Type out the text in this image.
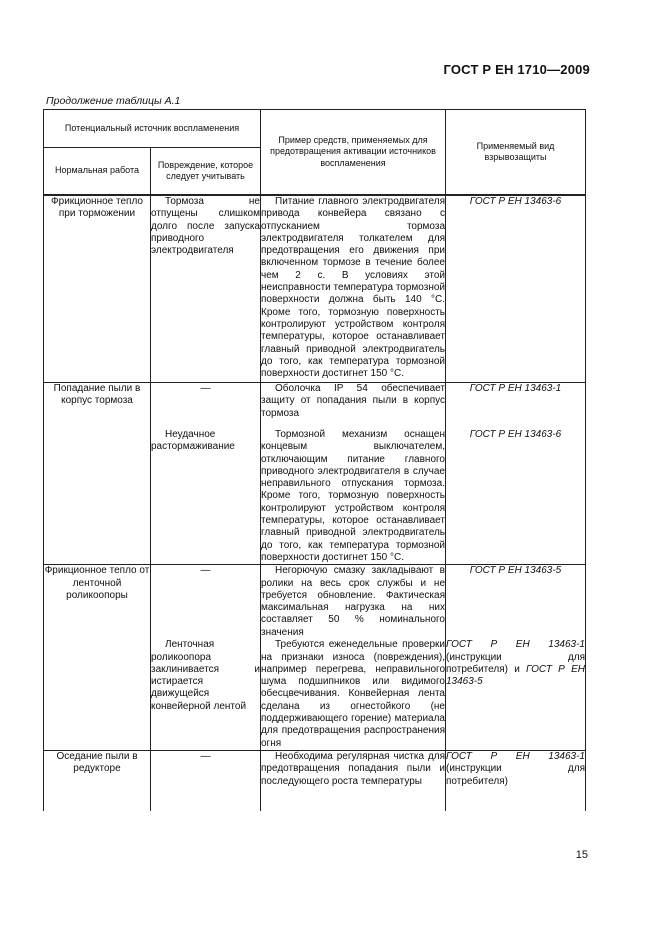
ГОСТ Р ЕН 1710—2009
Продолжение таблицы А.1
Потенциальный источник воспламенения		Пример средств, применяемых для предотвращения активации источников воспламенения	Применяемый вид взрывозащиты
Нормальная работа	Повреждение, которое следует учитывать		

Фрикционное тепло при торможении	Тормоза не отпущены слишком долго после запуска приводного электродвигателя	Питание главного электродвигателя привода конвейера связано с отпусканием тормоза электродвигателя толкателем для предотвращения его движения при включенном тормозе в течение более чем 2 с. В условиях этой неисправности температура тормозной поверхности должна быть 140 °С. Кроме того, тормозную поверхность контролируют устройством контроля температуры, которое останавливает главный приводной электродвигатель до того, как температура тормозной поверхности достигнет 150 °С.	ГОСТ Р ЕН 13463-6

Попадание пыли в корпус тормоза	—	Оболочка IP 54 обеспечивает защиту от попадания пыли в корпус тормоза	ГОСТ Р ЕН 13463-1

	Неудачное растормаживание	Тормозной механизм оснащен концевым выключателем, отключающим питание главного приводного электродвигателя в случае неправильного отпускания тормоза. Кроме того, тормозную поверхность контролируют устройством контроля температуры, которое останавливает главный приводной электродвигатель до того, как температура тормозной поверхности достигнет 150 °С.	ГОСТ Р ЕН 13463-6

Фрикционное тепло от ленточной роликоопоры	—	Негорючую смазку закладывают в ролики на весь срок службы и не требуется обновление. Фактическая максимальная нагрузка на них составляет 50 % номинального значения	ГОСТ Р ЕН 13463-5

	Ленточная роликоопора заклинивается и истирается движущейся конвейерной лентой	Требуются еженедельные проверки на признаки износа (повреждения), например перегрева, неправильного шума подшипников или видимого обесцвечивания. Конвейерная лента сделана из огнестойкого (не поддерживающего горение) материала для предотвращения распространения огня	ГОСТ Р ЕН 13463-1 (инструкции для потребителя) и ГОСТ Р ЕН 13463-5

Оседание пыли в редукторе	—	Необходима регулярная чистка для предотвращения попадания пыли и последующего роста температуры	ГОСТ Р ЕН 13463-1 (инструкции для потребителя)
15
